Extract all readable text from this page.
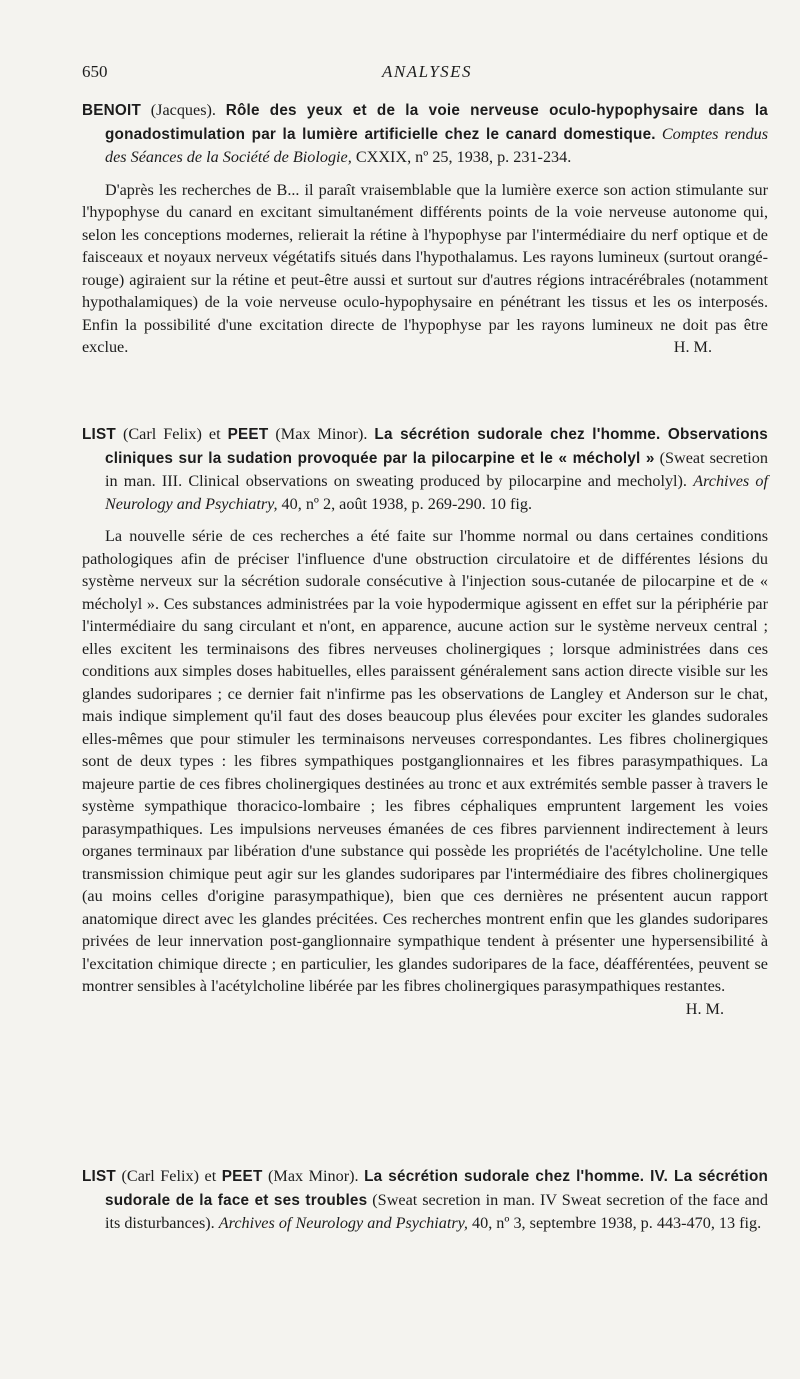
650	ANALYSES

BENOIT (Jacques). Rôle des yeux et de la voie nerveuse oculo-hypophysaire dans la gonadostimulation par la lumière artificielle chez le canard domestique. Comptes rendus des Séances de la Société de Biologie, CXXIX, nº 25, 1938, p. 231-234.

D'après les recherches de B... il paraît vraisemblable que la lumière exerce son action stimulante sur l'hypophyse du canard en excitant simultanément différents points de la voie nerveuse autonome qui, selon les conceptions modernes, relierait la rétine à l'hypophyse par l'intermédiaire du nerf optique et de faisceaux et noyaux nerveux végétatifs situés dans l'hypothalamus. Les rayons lumineux (surtout orangé-rouge) agiraient sur la rétine et peut-être aussi et surtout sur d'autres régions intracérébrales (notamment hypothalamiques) de la voie nerveuse oculo-hypophysaire en pénétrant les tissus et les os interposés. Enfin la possibilité d'une excitation directe de l'hypophyse par les rayons lumineux ne doit pas être exclue.	H. M.

LIST (Carl Felix) et PEET (Max Minor). La sécrétion sudorale chez l'homme. Observations cliniques sur la sudation provoquée par la pilocarpine et le « mécholyl » (Sweat secretion in man. III. Clinical observations on sweating produced by pilocarpine and mecholyl). Archives of Neurology and Psychiatry, 40, nº 2, août 1938, p. 269-290. 10 fig.

La nouvelle série de ces recherches a été faite sur l'homme normal ou dans certaines conditions pathologiques afin de préciser l'influence d'une obstruction circulatoire et de différentes lésions du système nerveux sur la sécrétion sudorale consécutive à l'injection sous-cutanée de pilocarpine et de « mécholyl ». Ces substances administrées par la voie hypodermique agissent en effet sur la périphérie par l'intermédiaire du sang circulant et n'ont, en apparence, aucune action sur le système nerveux central ; elles excitent les terminaisons des fibres nerveuses cholinergiques ; lorsque administrées dans ces conditions aux simples doses habituelles, elles paraissent généralement sans action directe visible sur les glandes sudoripares ; ce dernier fait n'infirme pas les observations de Langley et Anderson sur le chat, mais indique simplement qu'il faut des doses beaucoup plus élevées pour exciter les glandes sudorales elles-mêmes que pour stimuler les terminaisons nerveuses correspondantes. Les fibres cholinergiques sont de deux types : les fibres sympathiques postganglionnaires et les fibres parasympathiques. La majeure partie de ces fibres cholinergiques destinées au tronc et aux extrémités semble passer à travers le système sympathique thoracico-lombaire ; les fibres céphaliques empruntent largement les voies parasympathiques. Les impulsions nerveuses émanées de ces fibres parviennent indirectement à leurs organes terminaux par libération d'une substance qui possède les propriétés de l'acétylcholine. Une telle transmission chimique peut agir sur les glandes sudoripares par l'intermédiaire des fibres cholinergiques (au moins celles d'origine parasympathique), bien que ces dernières ne présentent aucun rapport anatomique direct avec les glandes précitées. Ces recherches montrent enfin que les glandes sudoripares privées de leur innervation post-ganglionnaire sympathique tendent à présenter une hypersensibilité à l'excitation chimique directe ; en particulier, les glandes sudoripares de la face, déafférentées, peuvent se montrer sensibles à l'acétylcholine libérée par les fibres cholinergiques parasympathiques restantes.
H. M.

LIST (Carl Felix) et PEET (Max Minor). La sécrétion sudorale chez l'homme. IV. La sécrétion sudorale de la face et ses troubles (Sweat secretion in man. IV Sweat secretion of the face and its disturbances). Archives of Neurology and Psychiatry, 40, nº 3, septembre 1938, p. 443-470, 13 fig.
